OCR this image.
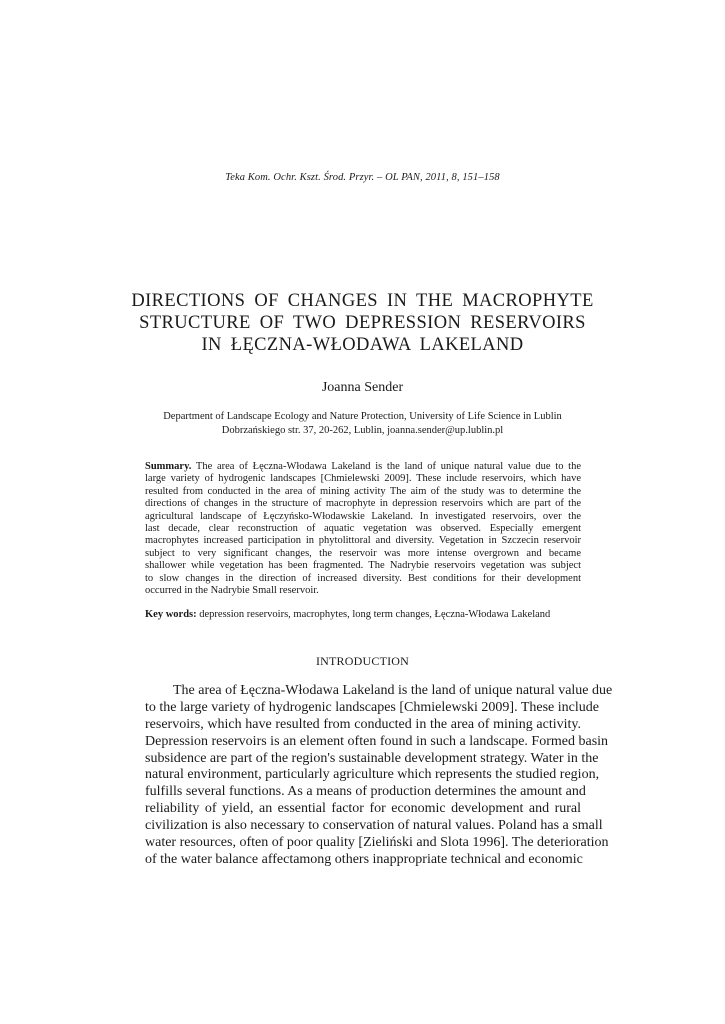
Teka Kom. Ochr. Kszt. Środ. Przyr. – OL PAN, 2011, 8, 151–158
DIRECTIONS OF CHANGES IN THE MACROPHYTE
STRUCTURE OF TWO DEPRESSION RESERVOIRS
IN ŁĘCZNA-WŁODAWA LAKELAND
Joanna Sender
Department of Landscape Ecology and Nature Protection, University of Life Science in Lublin
Dobrzańskiego str. 37, 20-262, Lublin, joanna.sender@up.lublin.pl
Summary. The area of Łęczna-Włodawa Lakeland is the land of unique natural value due to the
large variety of hydrogenic landscapes [Chmielewski 2009]. These include reservoirs, which have
resulted from conducted in the area of mining activity The aim of the study was to determine the
directions of changes in the structure of macrophyte in depression reservoirs which are part of the
agricultural landscape of Łęczyńsko-Włodawskie Lakeland. In investigated reservoirs, over the
last decade, clear reconstruction of aquatic vegetation was observed. Especially emergent
macrophytes increased participation in phytolittoral and diversity. Vegetation in Szczecin reservoir
subject to very significant changes, the reservoir was more intense overgrown and became
shallower while vegetation has been fragmented. The Nadrybie reservoirs vegetation was subject
to slow changes in the direction of increased diversity. Best conditions for their development
occurred in the Nadrybie Small reservoir.
Key words: depression reservoirs, macrophytes, long term changes, Łęczna-Włodawa Lakeland
INTRODUCTION
The area of Łęczna-Włodawa Lakeland is the land of unique natural value due
to the large variety of hydrogenic landscapes [Chmielewski 2009]. These include
reservoirs, which have resulted from conducted in the area of mining activity.
Depression reservoirs is an element often found in such a landscape. Formed basin
subsidence are part of the region's sustainable development strategy. Water in the
natural environment, particularly agriculture which represents the studied region,
fulfills several functions. As a means of production determines the amount and
reliability of yield, an essential factor for economic development and rural
civilization is also necessary to conservation of natural values. Poland has a small
water resources, often of poor quality [Zieliński and Slota 1996]. The deterioration
of the water balance affectamong others inappropriate technical and economic
